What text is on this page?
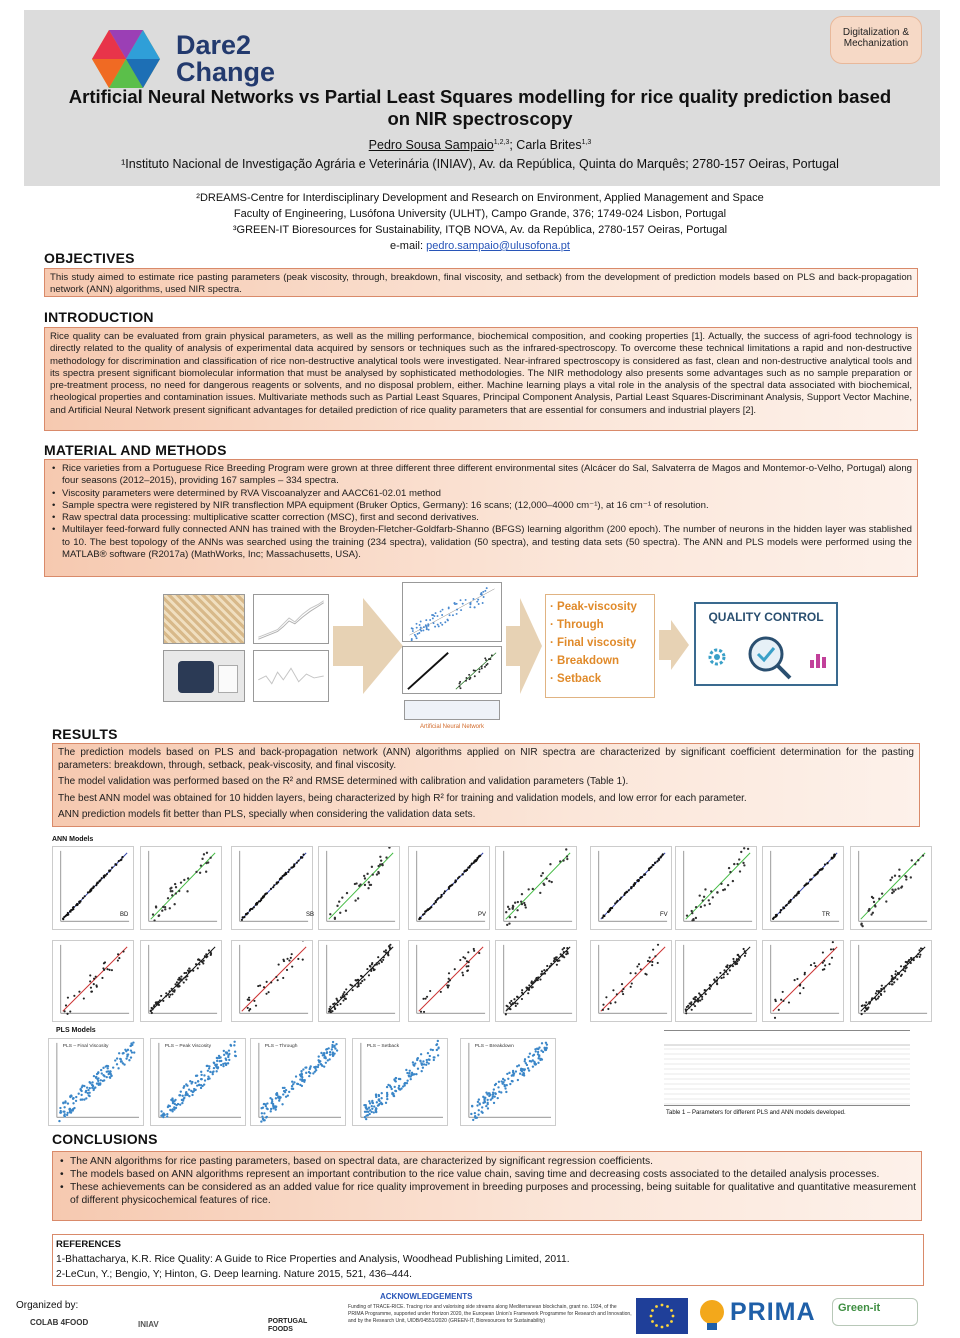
Dare2
Change
Digitalization & Mechanization
Artificial Neural Networks vs Partial Least Squares modelling for rice quality prediction based on NIR spectroscopy
Pedro Sousa Sampaio$^{1,2,3}$; Carla Brites$^{1,3}$
¹Instituto Nacional de Investigação Agrária e Veterinária (INIAV), Av. da República, Quinta do Marquês; 2780-157 Oeiras, Portugal
²DREAMS-Centre for Interdisciplinary Development and Research on Environment, Applied Management and Space
Faculty of Engineering, Lusófona University (ULHT), Campo Grande, 376; 1749-024 Lisbon, Portugal
³GREEN-IT Bioresources for Sustainability, ITQB NOVA, Av. da República, 2780-157 Oeiras, Portugal
e-mail: pedro.sampaio@ulusofona.pt
OBJECTIVES

This study aimed to estimate rice pasting parameters (peak viscosity, through, breakdown, final viscosity, and setback) from the development of prediction models based on PLS and back-propagation network (ANN) algorithms, used NIR spectra.

INTRODUCTION

Rice quality can be evaluated from grain physical parameters, as well as the milling performance, biochemical composition, and cooking properties [1]. Actually, the success of agri-food technology is directly related to the quality of analysis of experimental data acquired by sensors or techniques such as the infrared-spectroscopy. To overcome these technical limitations a rapid and non-destructive methodology for discrimination and classification of rice non-destructive analytical tools were investigated. Near-infrared spectroscopy is considered as fast, clean and non-destructive analytical tools and its spectra present significant biomolecular information that must be analysed by sophisticated methodologies. The NIR methodology also presents some advantages such as no sample preparation or pre-treatment process, no need for dangerous reagents or solvents, and no disposal problem, either. Machine learning plays a vital role in the analysis of the spectral data associated with biochemical, rheological properties and contamination issues. Multivariate methods such as Partial Least Squares, Principal Component Analysis, Partial Least Squares-Discriminant Analysis, Support Vector Machine, and Artificial Neural Network present significant advantages for detailed prediction of rice quality parameters that are essential for consumers and industrial players [2].

MATERIAL AND METHODS
• Rice varieties from a Portuguese Rice Breeding Program were grown at three different three different environmental sites (Alcácer do Sal, Salvaterra de Magos and Montemor-o-Velho, Portugal) along four seasons (2012–2015), providing 167 samples – 334 spectra.
• Viscosity parameters were determined by RVA Viscoanalyzer and AACC61-02.01 method
• Sample spectra were registered by NIR transflection MPA equipment (Bruker Optics, Germany): 16 scans; (12,000–4000 cm⁻¹), at 16 cm⁻¹ of resolution.
• Raw spectral data processing: multiplicative scatter correction (MSC), first and second derivatives.
• Multilayer feed-forward fully connected ANN has trained with the Broyden-Fletcher-Goldfarb-Shanno (BFGS) learning algorithm (200 epoch). The number of neurons in the hidden layer was stablished to 10. The best topology of the ANNs was searched using the training (234 spectra), validation (50 spectra), and testing data sets (50 spectra). The ANN and PLS models were performed using the MATLAB® software (R2017a) (MathWorks, Inc; Massachusetts, USA).
Artificial Neural Network
· Peak-viscosity
· Through
· Final viscosity
· Breakdown
· Setback
QUALITY CONTROL
RESULTS

The prediction models based on PLS and back-propagation network (ANN) algorithms applied on NIR spectra are characterized by significant coefficient determination for the pasting parameters: breakdown, through, setback, peak-viscosity, and final viscosity.

The model validation was performed based on the R² and RMSE determined with calibration and validation parameters (Table 1).

The best ANN model was obtained for 10 hidden layers, being characterized by high R² for training and validation models, and low error for each parameter.

ANN prediction models fit better than PLS, specially when considering the validation data sets.

ANN Models
BD	SB	PV	FV	TR
PLS Models
PLS – Final Viscosity	PLS – Peak Viscosity	PLS – Through	PLS – Setback	PLS – Breakdown
Table 1 – Parameters for different PLS and ANN models developed.
CONCLUSIONS
• The ANN algorithms for rice pasting parameters, based on spectral data, are characterized by significant regression coefficients.
• The models based on ANN algorithms represent an important contribution to the rice value chain, saving time and decreasing costs associated to the detailed analysis processes.
• These achievements can be considered as an added value for rice quality improvement in breeding purposes and processing, being suitable for qualitative and quantitative measurement of different physicochemical features of rice.
REFERENCES
1-Bhattacharya, K.R. Rice Quality: A Guide to Rice Properties and Analysis, Woodhead Publishing Limited, 2011.
2-LeCun, Y.; Bengio, Y; Hinton, G. Deep learning. Nature 2015, 521, 436–444.
Organized by:
COLAB 4FOOD	INIAV	PORTUGAL FOODS
ACKNOWLEDGEMENTS
Funding of TRACE-RICE. Tracing rice and valorising side streams along Mediterranean blockchain, grant no. 1934, of the PRIMA Programme, supported under Horizon 2020, the European Union's Framework Programme for Research and Innovation, and by the Research Unit, UIDB/04551/2020 (GREEN-IT, Bioresources for Sustainability)	PRIMA	Green-it
